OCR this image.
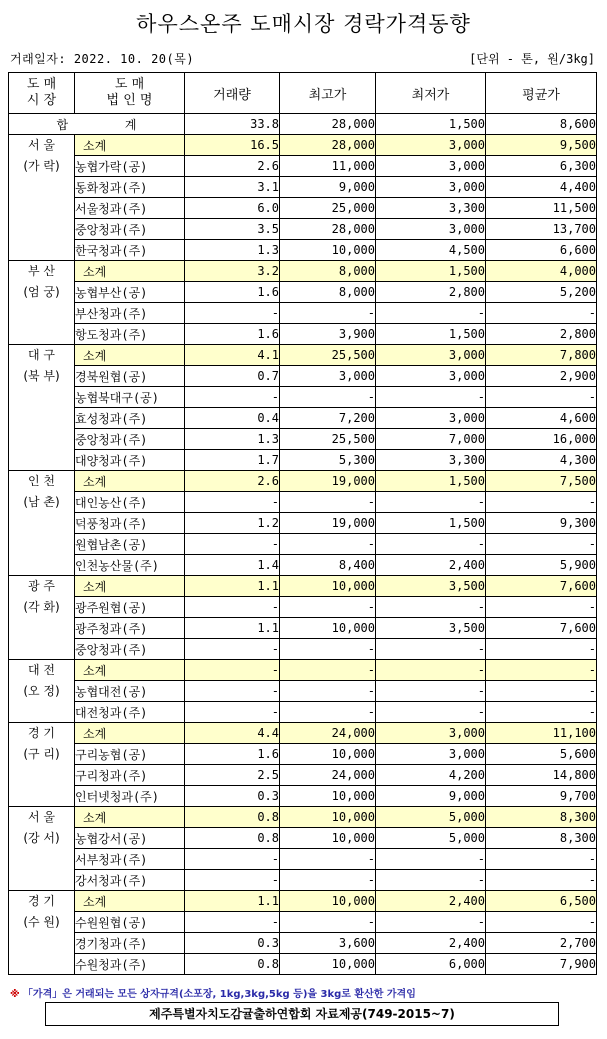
하우스온주 도매시장 경락가격동향
거래일자: 2022. 10. 20(목)	[단위 - 톤, 원/3kg]
도 매
시 장	도 매
법 인 명	거래량	최고가	최저가	평균가
합 계		33.8	28,000	1,500	8,600

서 울
(가 락)	소계	16.5	28,000	3,000	9,500
	농협가락(공)	2.6	11,000	3,000	6,300
	동화청과(주)	3.1	9,000	3,000	4,400
	서울청과(주)	6.0	25,000	3,300	11,500
	중앙청과(주)	3.5	28,000	3,000	13,700
	한국청과(주)	1.3	10,000	4,500	6,600

부 산
(엄 궁)	소계	3.2	8,000	1,500	4,000
	농협부산(공)	1.6	8,000	2,800	5,200
	부산청과(주)	-	-	-	-
	항도청과(주)	1.6	3,900	1,500	2,800

대 구
(북 부)	소계	4.1	25,500	3,000	7,800
	경북원협(공)	0.7	3,000	3,000	2,900
	농협북대구(공)	-	-	-	-
	효성청과(주)	0.4	7,200	3,000	4,600
	중앙청과(주)	1.3	25,500	7,000	16,000
	대양청과(주)	1.7	5,300	3,300	4,300

인 천
(남 촌)	소계	2.6	19,000	1,500	7,500
	대인농산(주)	-	-	-	-
	덕풍청과(주)	1.2	19,000	1,500	9,300
	원협남촌(공)	-	-	-	-
	인천농산물(주)	1.4	8,400	2,400	5,900

광 주
(각 화)	소계	1.1	10,000	3,500	7,600
	광주원협(공)	-	-	-	-
	광주청과(주)	1.1	10,000	3,500	7,600
	중앙청과(주)	-	-	-	-

대 전
(오 정)	소계	-	-	-	-
	농협대전(공)	-	-	-	-
	대전청과(주)	-	-	-	-

경 기
(구 리)	소계	4.4	24,000	3,000	11,100
	구리농협(공)	1.6	10,000	3,000	5,600
	구리청과(주)	2.5	24,000	4,200	14,800
	인터넷청과(주)	0.3	10,000	9,000	9,700

서 울
(강 서)	소계	0.8	10,000	5,000	8,300
	농협강서(공)	0.8	10,000	5,000	8,300
	서부청과(주)	-	-	-	-
	강서청과(주)	-	-	-	-

경 기
(수 원)	소계	1.1	10,000	2,400	6,500
	수원원협(공)	-	-	-	-
	경기청과(주)	0.3	3,600	2,400	2,700
	수원청과(주)	0.8	10,000	6,000	7,900
※ 「가격」은 거래되는 모든 상자규격(소포장, 1kg,3kg,5kg 등)을 3kg로 환산한 가격임
제주특별자치도감귤출하연합회 자료제공(749-2015~7)
